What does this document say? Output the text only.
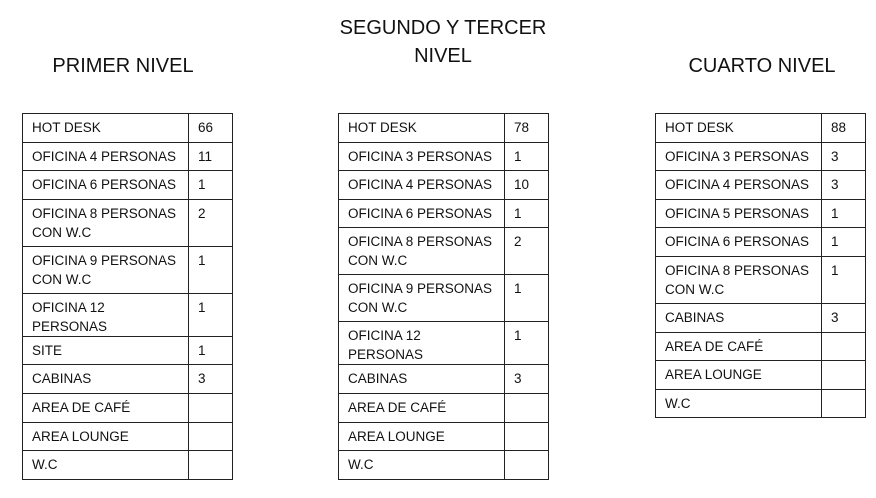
PRIMER NIVEL
SEGUNDO Y TERCER
NIVEL	CUARTO NIVEL
HOT DESK	66
OFICINA 4 PERSONAS	11
OFICINA 6 PERSONAS	1
OFICINA 8 PERSONAS
CON W.C	2
OFICINA 9 PERSONAS
CON W.C	1
OFICINA 12 PERSONAS	1
SITE	1
CABINAS	3
AREA DE CAFÉ	
AREA LOUNGE	
W.C	
HOT DESK	78
OFICINA 3 PERSONAS	1
OFICINA 4 PERSONAS	10
OFICINA 6 PERSONAS	1
OFICINA 8 PERSONAS
CON W.C	2
OFICINA 9 PERSONAS
CON W.C	1
OFICINA 12 PERSONAS	1
CABINAS	3
AREA DE CAFÉ	
AREA LOUNGE	
W.C	
HOT DESK	88
OFICINA 3 PERSONAS	3
OFICINA 4 PERSONAS	3
OFICINA 5 PERSONAS	1
OFICINA 6 PERSONAS	1
OFICINA 8 PERSONAS
CON W.C	1
CABINAS	3
AREA DE CAFÉ	
AREA LOUNGE	
W.C	
